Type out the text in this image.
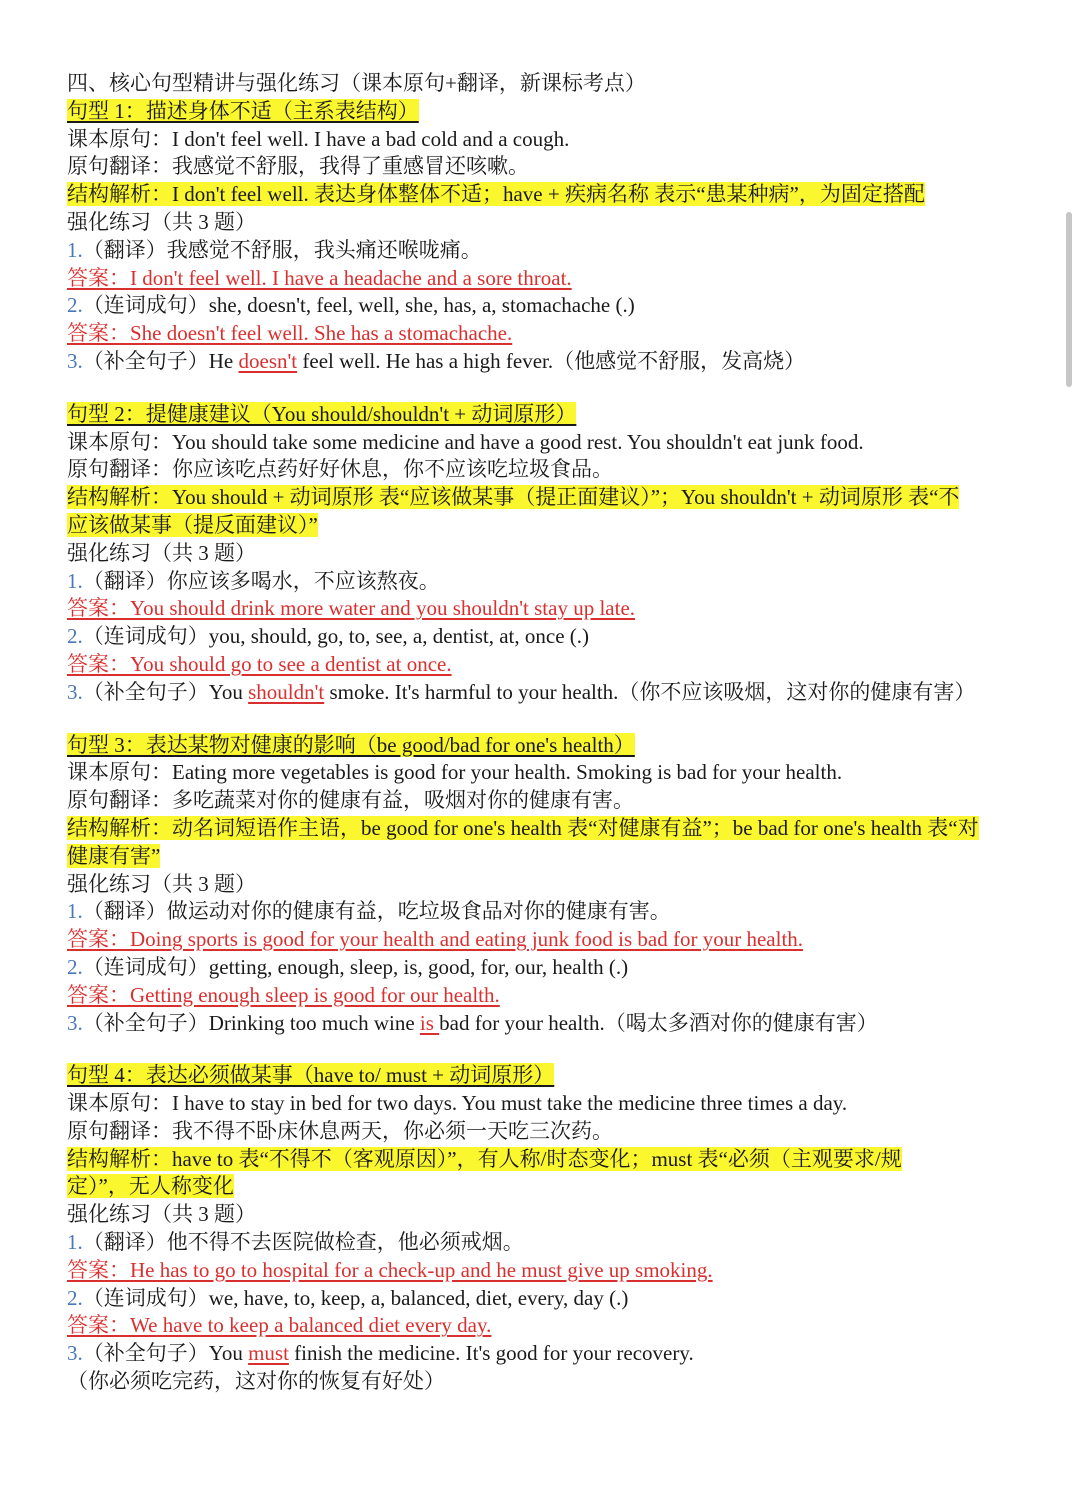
四、核心句型精讲与强化练习（课本原句+翻译，新课标考点）
句型 1：描述身体不适（主系表结构）
课本原句：I don't feel well. I have a bad cold and a cough.
原句翻译：我感觉不舒服，我得了重感冒还咳嗽。
结构解析：I don't feel well. 表达身体整体不适；have + 疾病名称 表示“患某种病”，为固定搭配
强化练习（共 3 题）
1.（翻译）我感觉不舒服，我头痛还喉咙痛。
答案：I don't feel well. I have a headache and a sore throat.
2.（连词成句）she, doesn't, feel, well, she, has, a, stomachache (.)
答案：She doesn't feel well. She has a stomachache.
3.（补全句子）He doesn't feel well. He has a high fever.（他感觉不舒服，发高烧）
句型 2：提健康建议（You should/shouldn't + 动词原形）
课本原句：You should take some medicine and have a good rest. You shouldn't eat junk food.
原句翻译：你应该吃点药好好休息，你不应该吃垃圾食品。
结构解析：You should + 动词原形 表“应该做某事（提正面建议）”；You shouldn't + 动词原形 表“不
应该做某事（提反面建议）”
强化练习（共 3 题）
1.（翻译）你应该多喝水，不应该熬夜。
答案：You should drink more water and you shouldn't stay up late.
2.（连词成句）you, should, go, to, see, a, dentist, at, once (.)
答案：You should go to see a dentist at once.
3.（补全句子）You shouldn't smoke. It's harmful to your health.（你不应该吸烟，这对你的健康有害）
句型 3：表达某物对健康的影响（be good/bad for one's health）
课本原句：Eating more vegetables is good for your health. Smoking is bad for your health.
原句翻译：多吃蔬菜对你的健康有益，吸烟对你的健康有害。
结构解析：动名词短语作主语，be good for one's health 表“对健康有益”；be bad for one's health 表“对
健康有害”
强化练习（共 3 题）
1.（翻译）做运动对你的健康有益，吃垃圾食品对你的健康有害。
答案：Doing sports is good for your health and eating junk food is bad for your health.
2.（连词成句）getting, enough, sleep, is, good, for, our, health (.)
答案：Getting enough sleep is good for our health.
3.（补全句子）Drinking too much wine is bad for your health.（喝太多酒对你的健康有害）
句型 4：表达必须做某事（have to/ must + 动词原形）
课本原句：I have to stay in bed for two days. You must take the medicine three times a day.
原句翻译：我不得不卧床休息两天，你必须一天吃三次药。
结构解析：have to 表“不得不（客观原因）”，有人称/时态变化；must 表“必须（主观要求/规
定）”，无人称变化
强化练习（共 3 题）
1.（翻译）他不得不去医院做检查，他必须戒烟。
答案：He has to go to hospital for a check-up and he must give up smoking.
2.（连词成句）we, have, to, keep, a, balanced, diet, every, day (.)
答案：We have to keep a balanced diet every day.
3.（补全句子）You must finish the medicine. It's good for your recovery.
（你必须吃完药，这对你的恢复有好处）
